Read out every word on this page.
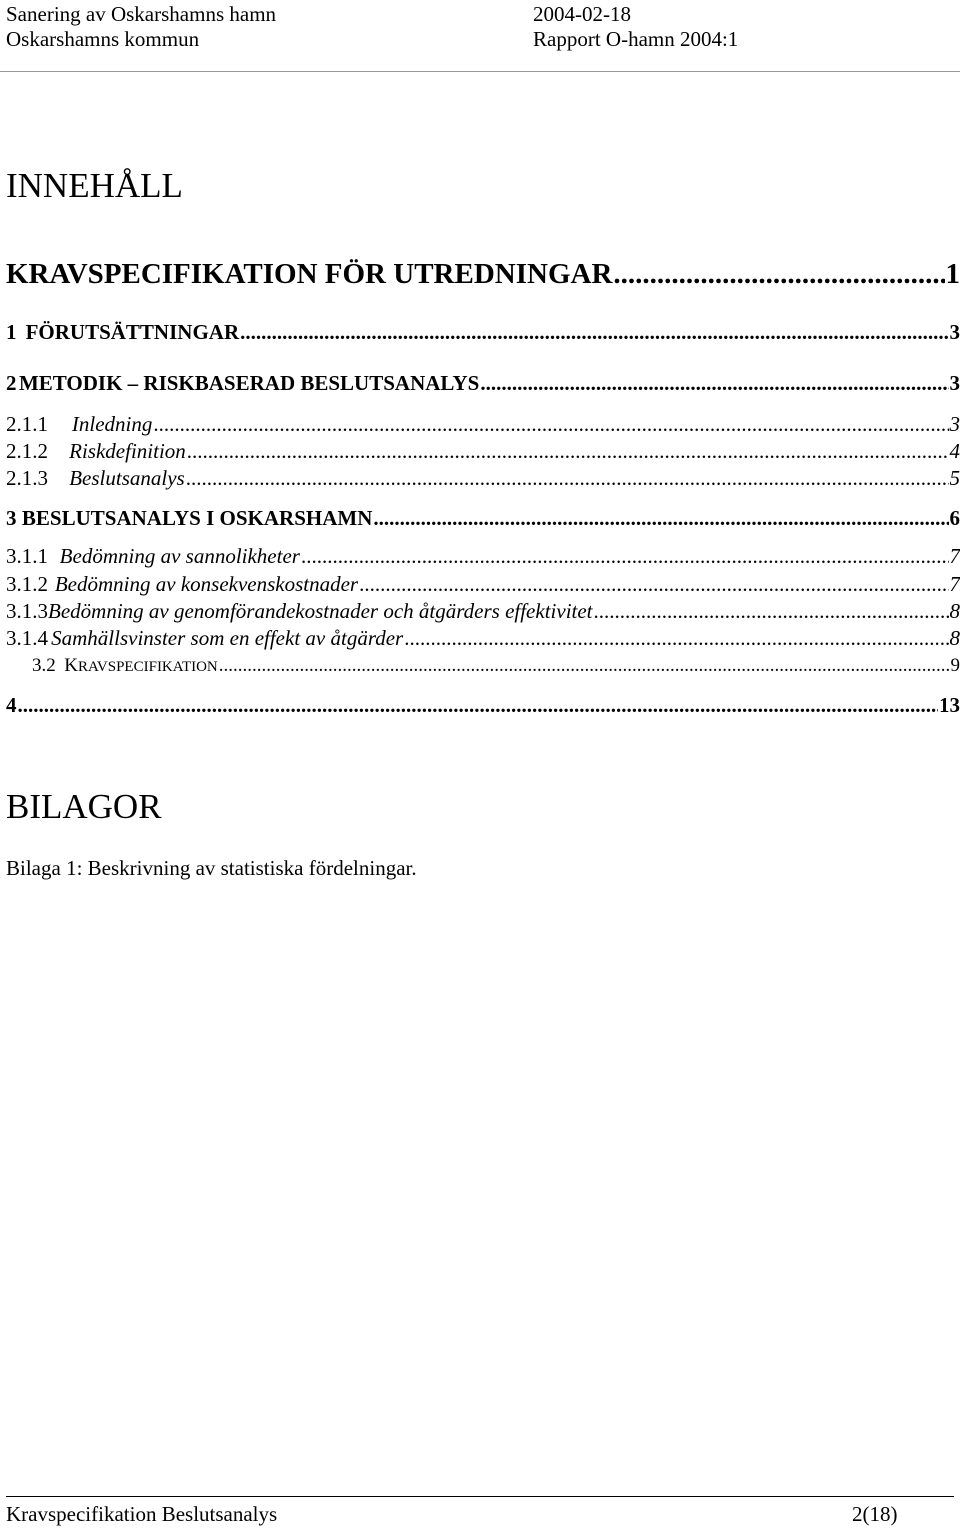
Sanering av Oskarshamns hamn
Oskarshamns kommun
2004-02-18
Rapport O-hamn 2004:1
INNEHÅLL
KRAVSPECIFIKATION FÖR UTREDNINGAR .....	1
1 FÖRUTSÄTTNINGAR .....	3
2 METODIK – RISKBASERAD BESLUTSANALYS .....	3
2.1.1	Inledning .....	3
2.1.2	Riskdefinition .....	4
2.1.3	Beslutsanalys .....	5
3 BESLUTSANALYS I OSKARSHAMN .....	6
3.1.1 Bedömning av sannolikheter .....	7
3.1.2 Bedömning av konsekvenskostnader .....	7
3.1.3 Bedömning av genomförandekostnader och åtgärders effektivitet .....	8
3.1.4 Samhällsvinster som en effekt av åtgärder .....	8
3.2 KRAVSPECIFIKATION .....	9
4 .....	13
BILAGOR
Bilaga 1: Beskrivning av statistiska fördelningar.
Kravspecifikation Beslutsanalys	2(18)
